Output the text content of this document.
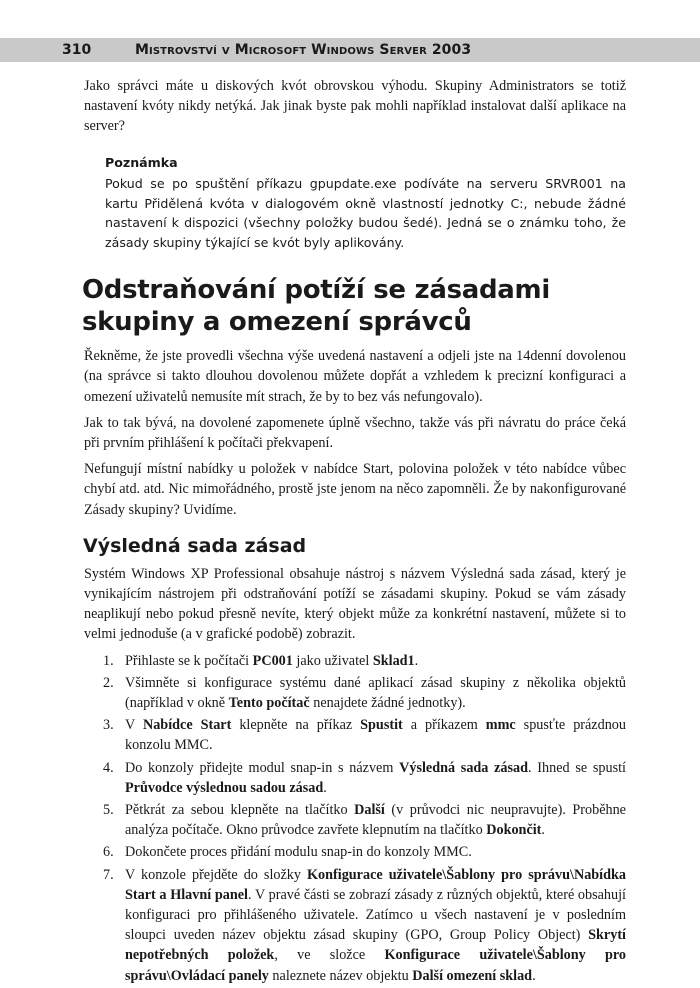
310	Mistrovství v Microsoft Windows Server 2003

Jako správci máte u diskových kvót obrovskou výhodu. Skupiny Administrators se totiž nastavení kvóty nikdy netýká. Jak jinak byste pak mohli například instalovat další aplikace na server?

Poznámka
Pokud se po spuštění příkazu gpupdate.exe podíváte na serveru SRVR001 na kartu Přidělená kvóta v dialogovém okně vlastností jednotky C:, nebude žádné nastavení k dispozici (všechny položky budou šedé). Jedná se o známku toho, že zásady skupiny týkající se kvót byly aplikovány.
Odstraňování potíží se zásadami skupiny a omezení správců

Řekněme, že jste provedli všechna výše uvedená nastavení a odjeli jste na 14denní dovolenou (na správce si takto dlouhou dovolenou můžete dopřát a vzhledem k precizní konfiguraci a omezení uživatelů nemusíte mít strach, že by to bez vás nefungovalo).

Jak to tak bývá, na dovolené zapomenete úplně všechno, takže vás při návratu do práce čeká při prvním přihlášení k počítači překvapení.

Nefungují místní nabídky u položek v nabídce Start, polovina položek v této nabídce vůbec chybí atd. atd. Nic mimořádného, prostě jste jenom na něco zapomněli. Že by nakonfigurované Zásady skupiny? Uvidíme.

Výsledná sada zásad

Systém Windows XP Professional obsahuje nástroj s názvem Výsledná sada zásad, který je vynikajícím nástrojem při odstraňování potíží se zásadami skupiny. Pokud se vám zásady neaplikují nebo pokud přesně nevíte, který objekt může za konkrétní nastavení, můžete si to velmi jednoduše (a v grafické podobě) zobrazit.

1. Přihlaste se k počítači PC001 jako uživatel Sklad1.
2. Všimněte si konfigurace systému dané aplikací zásad skupiny z několika objektů (například v okně Tento počítač nenajdete žádné jednotky).
3. V Nabídce Start klepněte na příkaz Spustit a příkazem mmc spusťte prázdnou konzolu MMC.
4. Do konzoly přidejte modul snap-in s názvem Výsledná sada zásad. Ihned se spustí Průvodce výslednou sadou zásad.
5. Pětkrát za sebou klepněte na tlačítko Další (v průvodci nic neupravujte). Proběhne analýza počítače. Okno průvodce zavřete klepnutím na tlačítko Dokončit.
6. Dokončete proces přidání modulu snap-in do konzoly MMC.
7. V konzole přejděte do složky Konfigurace uživatele\Šablony pro správu\Nabídka Start a Hlavní panel. V pravé části se zobrazí zásady z různých objektů, které obsahují konfiguraci pro přihlášeného uživatele. Zatímco u všech nastavení je v posledním sloupci uveden název objektu zásad skupiny (GPO, Group Policy Object) Skrytí nepotřebných položek, ve složce Konfigurace uživatele\Šablony pro správu\Ovládací panely naleznete název objektu Další omezení sklad.
